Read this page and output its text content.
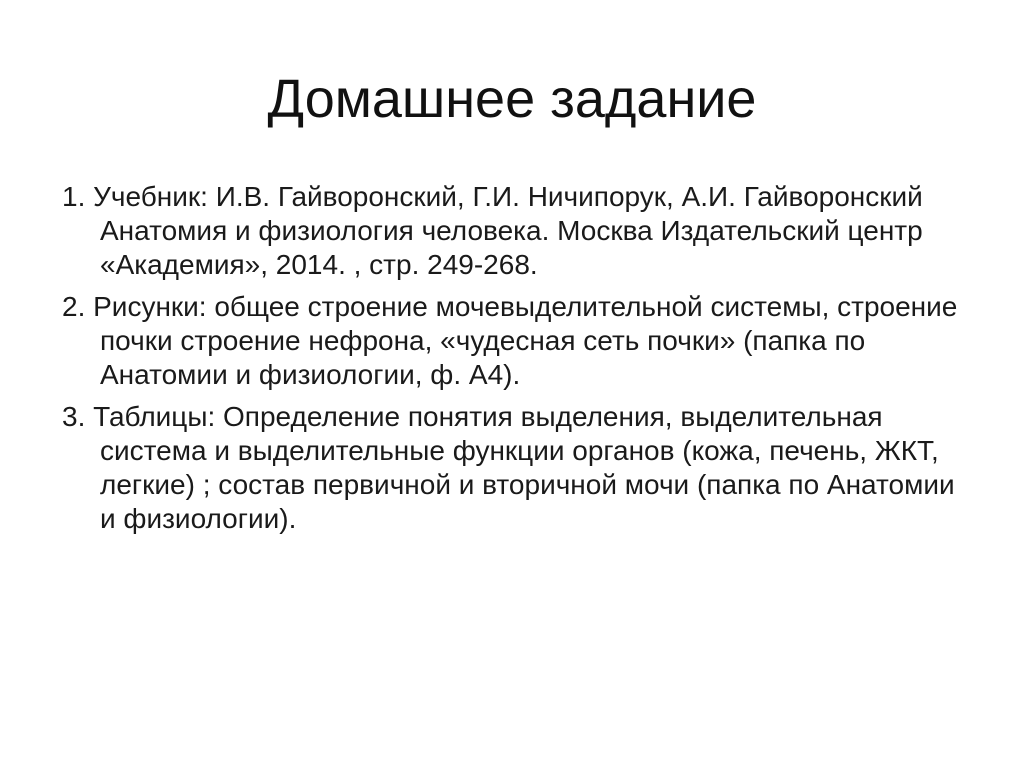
Домашнее задание
1. Учебник: И.В. Гайворонский, Г.И. Ничипорук, А.И. Гайворонский Анатомия и физиология человека. Москва Издательский центр «Академия», 2014. , стр. 249-268.
2. Рисунки: общее строение мочевыделительной системы, строение почки строение нефрона, «чудесная сеть почки» (папка по Анатомии и физиологии, ф. А4).
3. Таблицы: Определение понятия выделения, выделительная система и выделительные функции органов (кожа, печень, ЖКТ, легкие) ; состав первичной и вторичной мочи (папка по Анатомии и физиологии).
